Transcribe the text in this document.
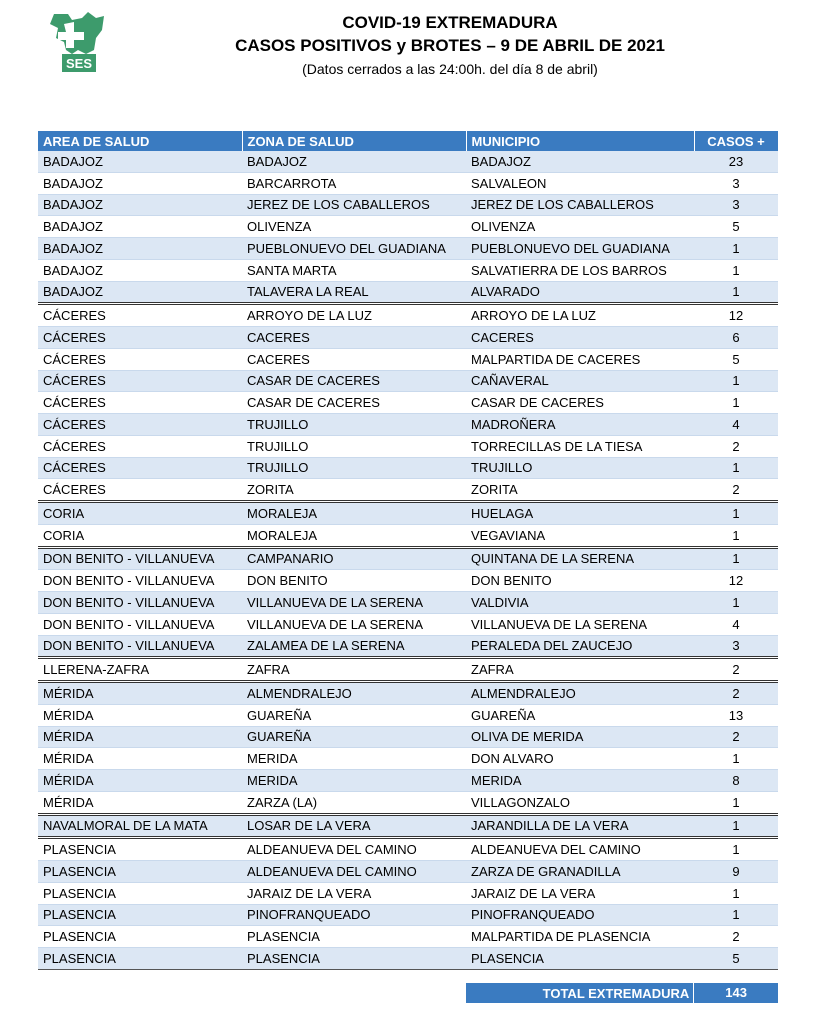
SES
COVID-19 EXTREMADURA
CASOS POSITIVOS y BROTES – 9 DE ABRIL DE 2021
(Datos cerrados a las 24:00h. del día 8 de abril)
AREA DE SALUD	ZONA DE SALUD	MUNICIPIO	CASOS +
BADAJOZ	BADAJOZ	BADAJOZ	23
BADAJOZ	BARCARROTA	SALVALEON	3
BADAJOZ	JEREZ DE LOS CABALLEROS	JEREZ DE LOS CABALLEROS	3
BADAJOZ	OLIVENZA	OLIVENZA	5
BADAJOZ	PUEBLONUEVO DEL GUADIANA	PUEBLONUEVO DEL GUADIANA	1
BADAJOZ	SANTA MARTA	SALVATIERRA DE LOS BARROS	1
BADAJOZ	TALAVERA LA REAL	ALVARADO	1
CÁCERES	ARROYO DE LA LUZ	ARROYO DE LA LUZ	12
CÁCERES	CACERES	CACERES	6
CÁCERES	CACERES	MALPARTIDA DE CACERES	5
CÁCERES	CASAR DE CACERES	CAÑAVERAL	1
CÁCERES	CASAR DE CACERES	CASAR DE CACERES	1
CÁCERES	TRUJILLO	MADROÑERA	4
CÁCERES	TRUJILLO	TORRECILLAS DE LA TIESA	2
CÁCERES	TRUJILLO	TRUJILLO	1
CÁCERES	ZORITA	ZORITA	2
CORIA	MORALEJA	HUELAGA	1
CORIA	MORALEJA	VEGAVIANA	1
DON BENITO - VILLANUEVA	CAMPANARIO	QUINTANA DE LA SERENA	1
DON BENITO - VILLANUEVA	DON BENITO	DON BENITO	12
DON BENITO - VILLANUEVA	VILLANUEVA DE LA SERENA	VALDIVIA	1
DON BENITO - VILLANUEVA	VILLANUEVA DE LA SERENA	VILLANUEVA DE LA SERENA	4
DON BENITO - VILLANUEVA	ZALAMEA DE LA SERENA	PERALEDA DEL ZAUCEJO	3
LLERENA-ZAFRA	ZAFRA	ZAFRA	2
MÉRIDA	ALMENDRALEJO	ALMENDRALEJO	2
MÉRIDA	GUAREÑA	GUAREÑA	13
MÉRIDA	GUAREÑA	OLIVA DE MERIDA	2
MÉRIDA	MERIDA	DON ALVARO	1
MÉRIDA	MERIDA	MERIDA	8
MÉRIDA	ZARZA (LA)	VILLAGONZALO	1
NAVALMORAL DE LA MATA	LOSAR DE LA VERA	JARANDILLA DE LA VERA	1
PLASENCIA	ALDEANUEVA DEL CAMINO	ALDEANUEVA DEL CAMINO	1
PLASENCIA	ALDEANUEVA DEL CAMINO	ZARZA DE GRANADILLA	9
PLASENCIA	JARAIZ DE LA VERA	JARAIZ DE LA VERA	1
PLASENCIA	PINOFRANQUEADO	PINOFRANQUEADO	1
PLASENCIA	PLASENCIA	MALPARTIDA DE PLASENCIA	2
PLASENCIA	PLASENCIA	PLASENCIA	5
TOTAL EXTREMADURA	143
